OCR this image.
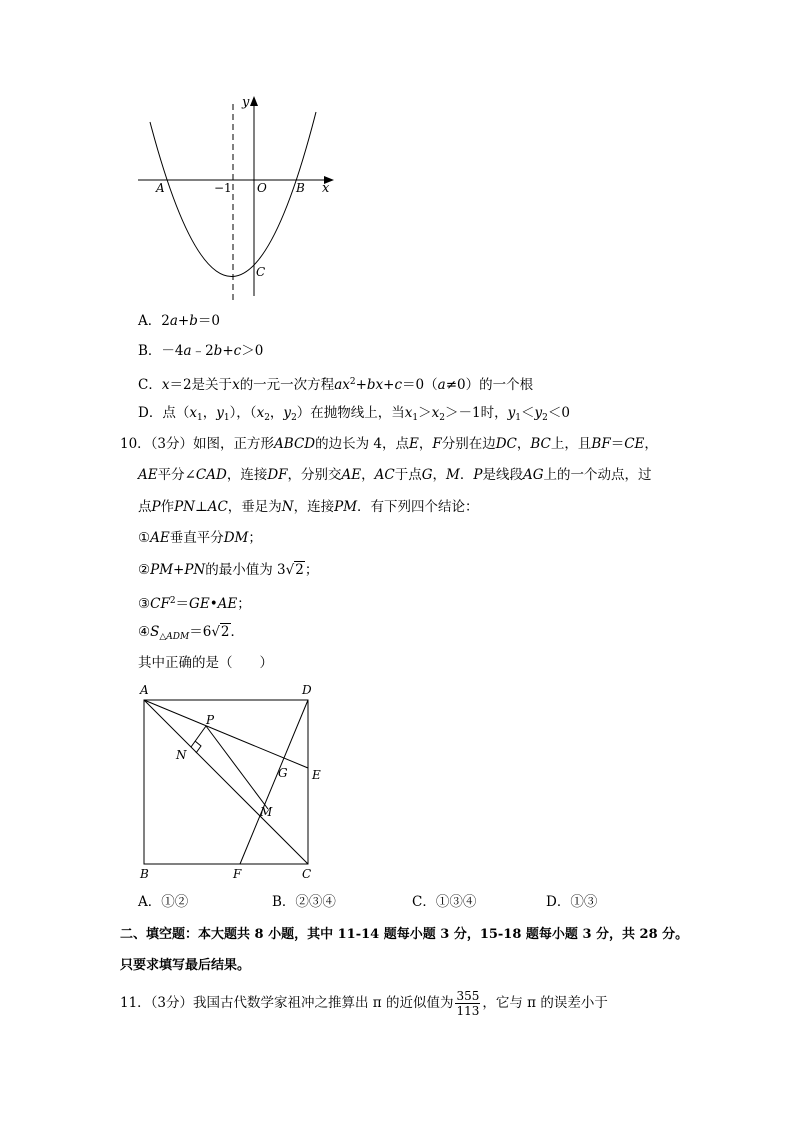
y
x
A	B
C
O
−1
A．2a+b＝0
B．－4a﹣2b+c＞0
C．x＝2是关于x的一元一次方程$ax^2+bx+c=0(a\ne 0)$的一个根
D．点（$x_1$，$y_1$），（$x_2$，$y_2$）在抛物线上，当$x_1>x_2>-1$时，$y_1<y_2<0$
10．（3分）如图，正方形ABCD的边长为 4，点E，F分别在边DC，BC上，且BF＝CE，
AE平分∠CAD，连接DF，分别交AE，AC于点G，M．P是线段AG上的一个动点，过
点P作PN⊥AC，垂足为N，连接PM．有下列四个结论：
①AE垂直平分DM；
②PM+PN的最小值为 3√2；
$③CF^2=GE•AE$；
$④S_{\triangle ADM}=6√2$．
其中正确的是（　　）
A	D
B	C
E
F
G
M
N
P
A．①②	B．②③④	C．①③④	D．①③
二、填空题：本大题共 8 小题，其中 11-14 题每小题 3 分，15-18 题每小题 3 分，共 28 分。
只要求填写最后结果。
11．（3分）我国古代数学家祖冲之推算出 π 的近似值为 $\frac{355}{113}$ ，它与 π 的误差小于
